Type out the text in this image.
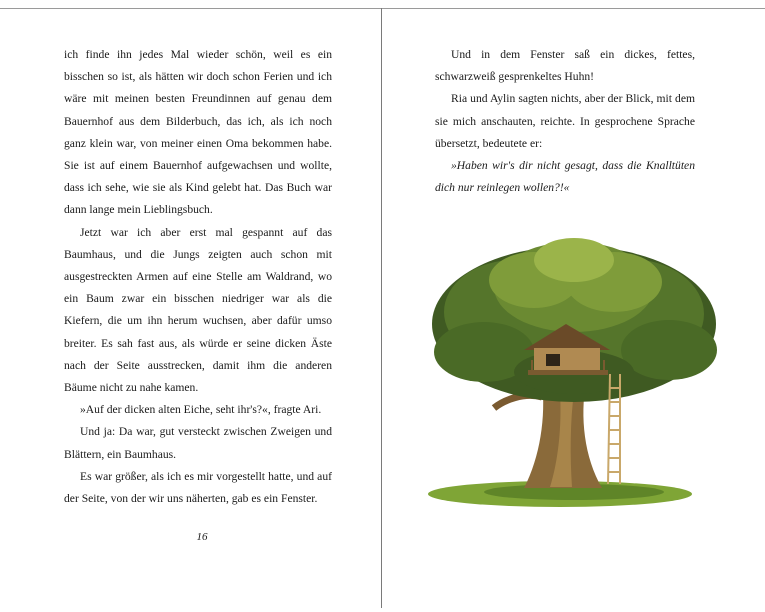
ich finde ihn jedes Mal wieder schön, weil es ein bisschen so ist, als hätten wir doch schon Ferien und ich wäre mit meinen besten Freundinnen auf genau dem Bauernhof aus dem Bilderbuch, das ich, als ich noch ganz klein war, von meiner einen Oma bekommen habe. Sie ist auf einem Bauernhof aufgewachsen und wollte, dass ich sehe, wie sie als Kind gelebt hat. Das Buch war dann lange mein Lieblingsbuch.

Jetzt war ich aber erst mal gespannt auf das Baumhaus, und die Jungs zeigten auch schon mit ausgestreckten Armen auf eine Stelle am Waldrand, wo ein Baum zwar ein bisschen niedriger war als die Kiefern, die um ihn herum wuchsen, aber dafür umso breiter. Es sah fast aus, als würde er seine dicken Äste nach der Seite ausstrecken, damit ihm die anderen Bäume nicht zu nahe kamen.

»Auf der dicken alten Eiche, seht ihr's?«, fragte Ari.

Und ja: Da war, gut versteckt zwischen Zweigen und Blättern, ein Baumhaus.

Es war größer, als ich es mir vorgestellt hatte, und auf der Seite, von der wir uns näherten, gab es ein Fenster.

16

Und in dem Fenster saß ein dickes, fettes, schwarzweiß gesprenkeltes Huhn!

Ria und Aylin sagten nichts, aber der Blick, mit dem sie mich anschauten, reichte. In gesprochene Sprache übersetzt, bedeutete er:

»Haben wir's dir nicht gesagt, dass die Knalltüten dich nur reinlegen wollen?!«
